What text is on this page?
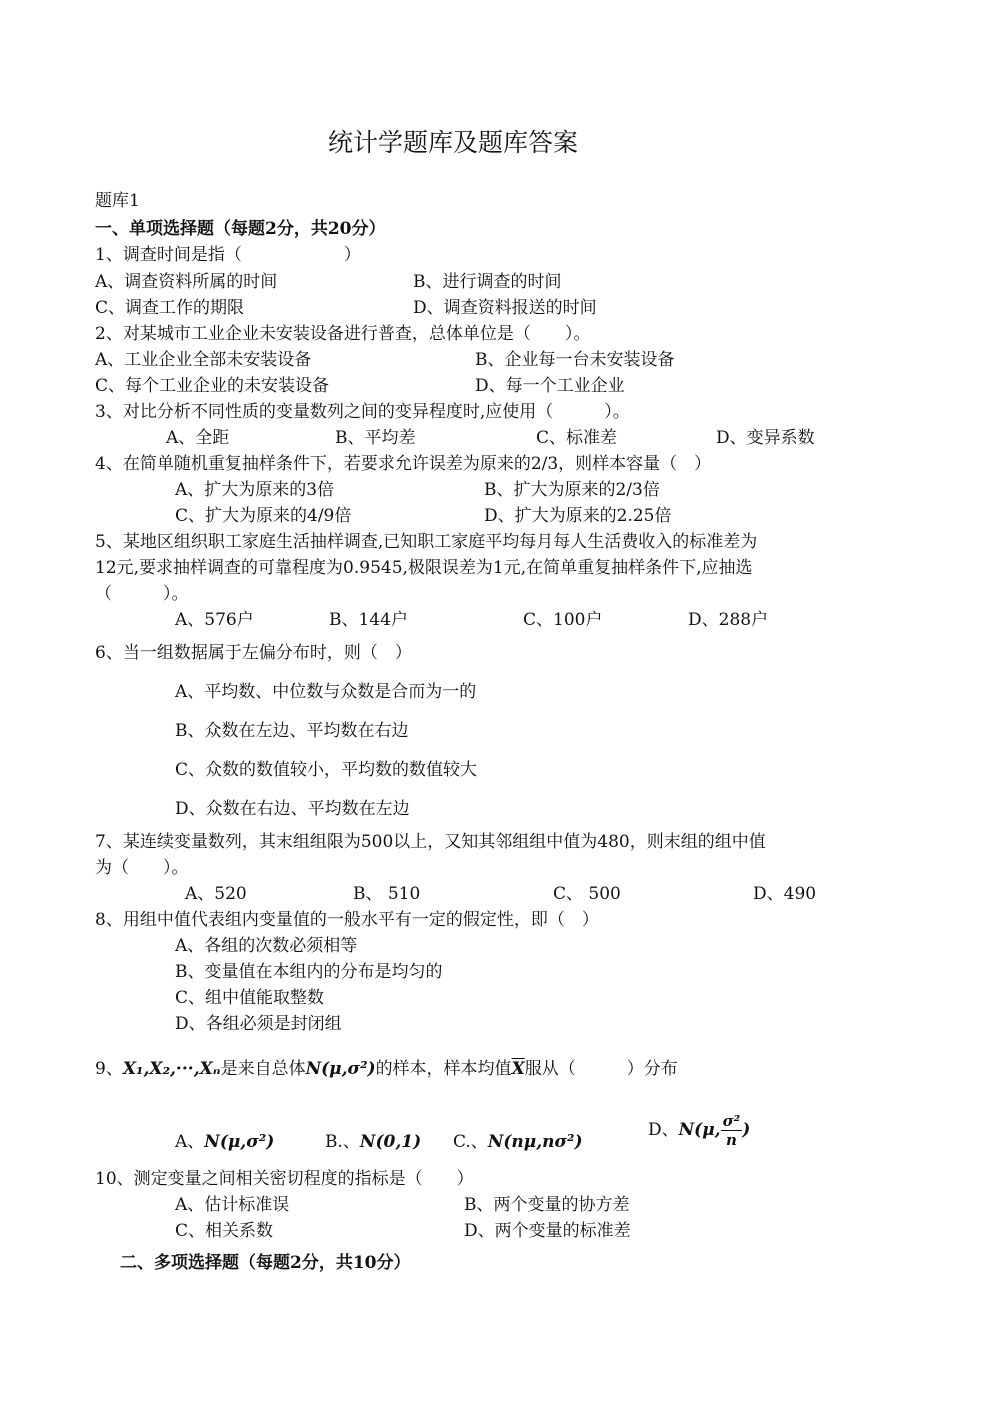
统计学题库及题库答案
题库1
一、单项选择题（每题2分，共20分）
1、调查时间是指（　　　　　　）
A、调查资料所属的时间	B、进行调查的时间
C、调查工作的期限	D、调查资料报送的时间
2、对某城市工业企业未安装设备进行普查，总体单位是（　　）。
A、工业企业全部未安装设备	B、企业每一台未安装设备
C、每个工业企业的未安装设备	D、每一个工业企业
3、对比分析不同性质的变量数列之间的变异程度时,应使用（　　　）。
A、全距	B、平均差	C、标准差	D、变异系数
4、在简单随机重复抽样条件下，若要求允许误差为原来的2/3，则样本容量（　）
A、扩大为原来的3倍	B、扩大为原来的2/3倍
C、扩大为原来的4/9倍	D、扩大为原来的2.25倍
5、某地区组织职工家庭生活抽样调查,已知职工家庭平均每月每人生活费收入的标准差为
12元,要求抽样调查的可靠程度为0.9545,极限误差为1元,在简单重复抽样条件下,应抽选
（　　　）。
A、576户	B、144户	C、100户	D、288户
6、当一组数据属于左偏分布时，则（　）
A、平均数、中位数与众数是合而为一的
B、众数在左边、平均数在右边
C、众数的数值较小，平均数的数值较大
D、众数在右边、平均数在左边
7、某连续变量数列，其末组组限为500以上，又知其邻组组中值为480，则末组的组中值
为（　　）。
A、520	B、 510	C、 500	D、490
8、用组中值代表组内变量值的一般水平有一定的假定性，即（　）
A、各组的次数必须相等
B、变量值在本组内的分布是均匀的
C、组中值能取整数
D、各组必须是封闭组
9、X₁,X₂,···,Xₙ是来自总体N(μ,σ²)的样本，样本均值$\overline{X}$服从（　　　）分布
A、N(μ,σ²)	B.、N(0,1) C.、N(nμ,nσ²)
D、N(μ, $\frac{\text{σ²}}{n}$ )
10、测定变量之间相关密切程度的指标是（　　）
A、估计标准误	B、两个变量的协方差
C、相关系数	D、两个变量的标准差
二、多项选择题（每题2分，共10分）
